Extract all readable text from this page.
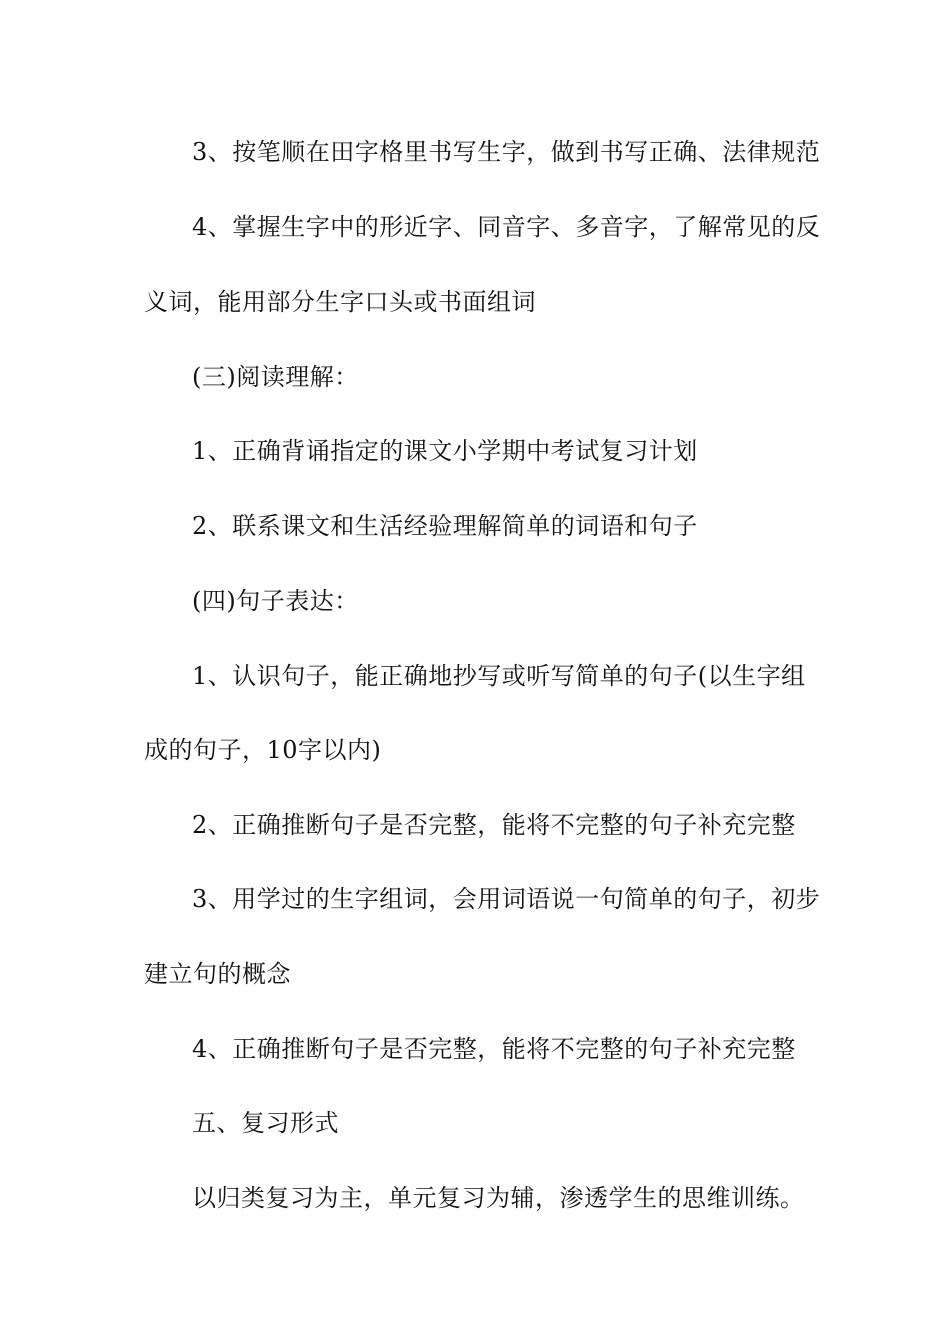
3、按笔顺在田字格里书写生字，做到书写正确、法律规范
4、掌握生字中的形近字、同音字、多音字，了解常见的反
义词，能用部分生字口头或书面组词
(三)阅读理解：
1、正确背诵指定的课文小学期中考试复习计划
2、联系课文和生活经验理解简单的词语和句子
(四)句子表达：
1、认识句子，能正确地抄写或听写简单的句子(以生字组
成的句子，10字以内)
2、正确推断句子是否完整，能将不完整的句子补充完整
3、用学过的生字组词，会用词语说一句简单的句子，初步
建立句的概念
4、正确推断句子是否完整，能将不完整的句子补充完整
五、复习形式
以归类复习为主，单元复习为辅，渗透学生的思维训练。
